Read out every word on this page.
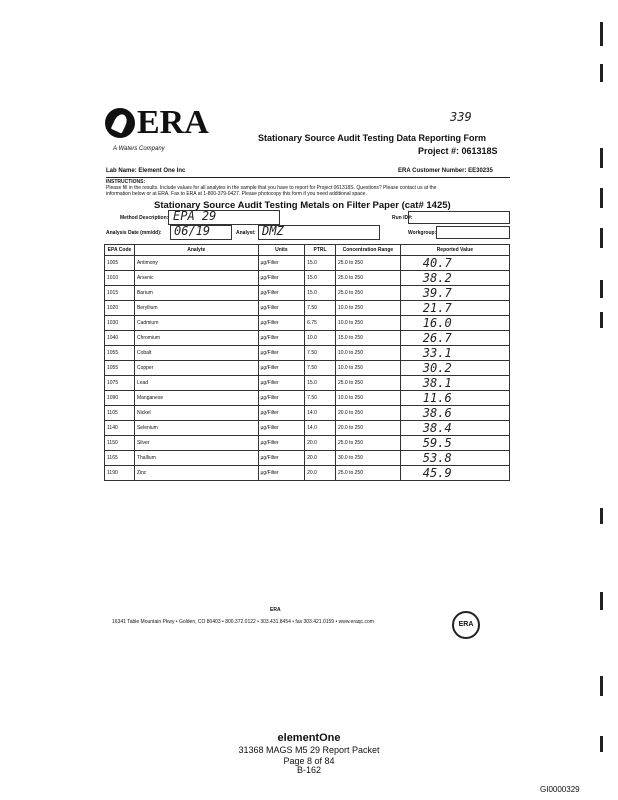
ERA
A Waters Company
339
Stationary Source Audit Testing Data Reporting Form
Project #: 061318S
Lab Name: Element One Inc	ERA Customer Number: EE30235
INSTRUCTIONS:
Please fill in the results. Include values for all analytes in the sample that you have to report for Project 061318S. Questions? Please contact us at the
information below or at ERA. Fax to ERA at 1-800-379-0427. Please photocopy this form if you need additional space.
Stationary Source Audit Testing Metals on Filter Paper (cat# 1425)
Method Description: EPA 29	Run ID#:
Analysis Date (mm/dd): 06/19	Analyst: DMZ	Workgroup:
EPA Code	Analyte	Units	PTRL	Concentration Range	Reported Value
1005	Antimony	µg/Filter	15.0	25.0 to 250	40.7
1010	Arsenic	µg/Filter	15.0	25.0 to 250	38.2
1015	Barium	µg/Filter	15.0	25.0 to 250	39.7
1020	Beryllium	µg/Filter	7.50	10.0 to 250	21.7
1030	Cadmium	µg/Filter	6.75	10.0 to 250	16.0
1040	Chromium	µg/Filter	10.0	15.0 to 250	26.7
1055	Cobalt	µg/Filter	7.50	10.0 to 250	33.1
1055	Copper	µg/Filter	7.50	10.0 to 250	30.2
1075	Lead	µg/Filter	15.0	25.0 to 250	38.1
1090	Manganese	µg/Filter	7.50	10.0 to 250	11.6
1105	Nickel	µg/Filter	14.0	20.0 to 250	38.6
1140	Selenium	µg/Filter	14.0	20.0 to 250	38.4
1150	Silver	µg/Filter	20.0	25.0 to 250	59.5
1165	Thallium	µg/Filter	20.0	30.0 to 250	53.8
1190	Zinc	µg/Filter	20.0	25.0 to 250	45.9
ERA
16341 Table Mountain Pkwy • Golden, CO 80403 • 800.372.0122 • 303.431.8454 • fax 303.421.0159 • www.eraqc.com	ERA
elementOne
31368 MAGS M5 29 Report Packet
Page 8 of 84
B-162
GI0000329
